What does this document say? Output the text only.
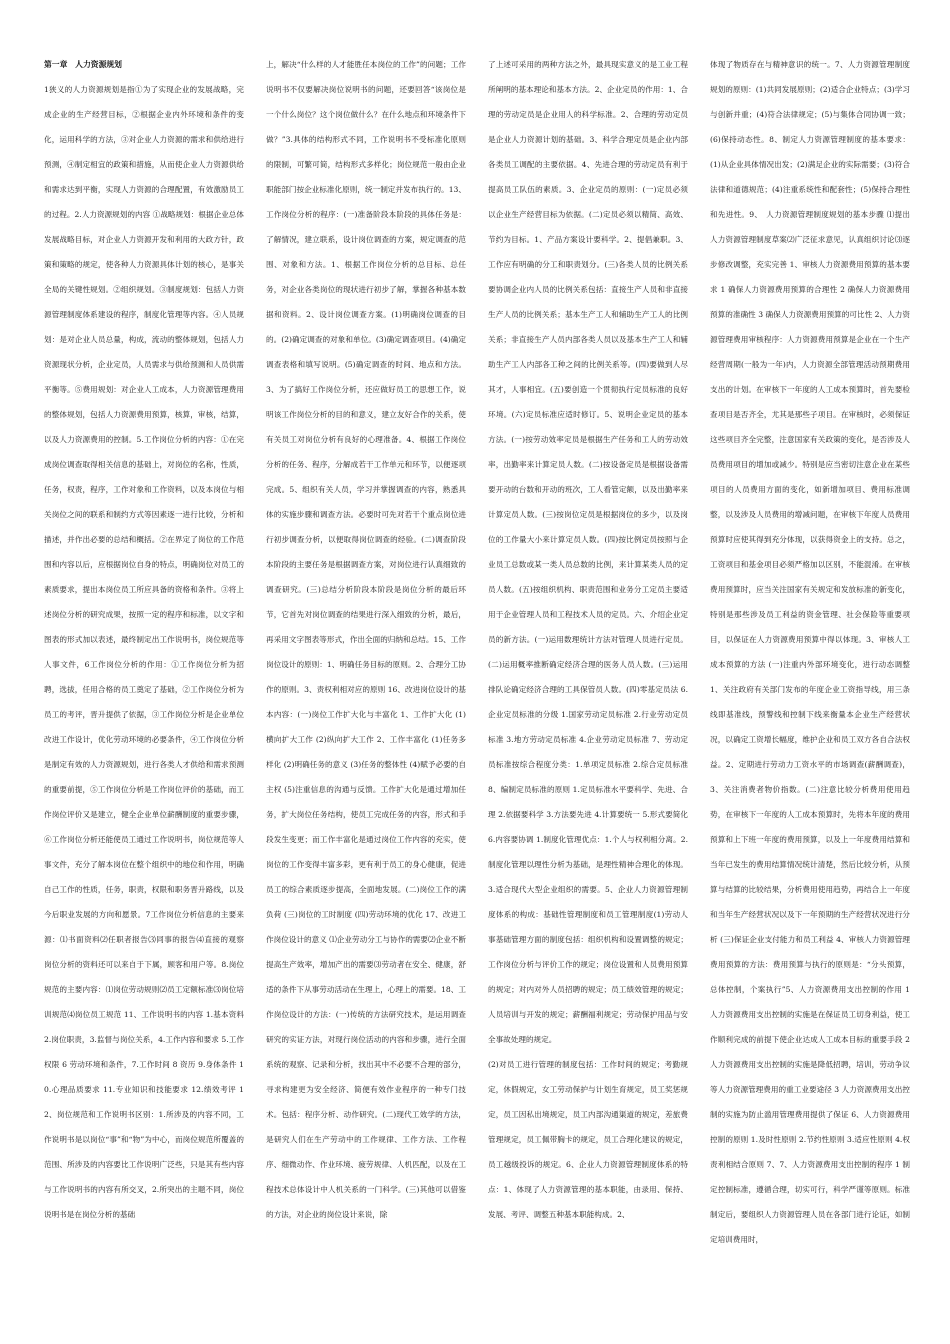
第一章　人力资源规划

1狭义的人力资源规划是指①为了实现企业的发展战略，完成企业的生产经营目标，②根据企业内外环境和条件的变化，运用科学的方法，③对企业人力资源的需求和供给进行预测，④制定相宜的政策和措施，从而使企业人力资源供给和需求达到平衡，实现人力资源的合理配置，有效激励员工的过程。2.人力资源规划的内容 ①战略规划：根据企业总体发展战略目标，对企业人力资源开发和利用的大政方针，政策和策略的规定，使各种人力资源具体计划的核心，是事关全局的关键性规划。②组织规划。③制度规划：包括人力资源管理制度体系建设的程序，制度化管理等内容。④人员规划：是对企业人员总量，构成，流动的整体规划，包括人力资源现状分析，企业定员，人员需求与供给预测和人员供需平衡等。⑤费用规划：对企业人工成本，人力资源管理费用的整体规划，包括人力资源费用预算，核算，审核，结算，以及人力资源费用的控制。5.工作岗位分析的内容：①在完成岗位调查取得相关信息的基础上，对岗位的名称，性质，任务，权责，程序，工作对象和工作资料，以及本岗位与相关岗位之间的联系和制约方式等因素逐一进行比较，分析和描述，并作出必要的总结和概括。②在界定了岗位的工作范围和内容以后，应根据岗位自身的特点，明确岗位对员工的素质要求，提出本岗位员工所应具备的资格和条件。③将上述岗位分析的研究成果，按照一定的程序和标准，以文字和图表的形式加以表述，最终制定出工作说明书，岗位规范等人事文件，6工作岗位分析的作用：①工作岗位分析为招聘，选拔，任用合格的员工奠定了基础，②工作岗位分析为员工的考评，晋升提供了依据，③工作岗位分析是企业单位改进工作设计，优化劳动环境的必要条件，④工作岗位分析是制定有效的人力资源规划，进行各类人才供给和需求预测的重要前提，⑤工作岗位分析是工作岗位评价的基础，而工作岗位评价又是建立，健全企业单位薪酬制度的重要步骤，⑥工作岗位分析还能使员工通过工作说明书，岗位规范等人事文件，充分了解本岗位在整个组织中的地位和作用，明确自己工作的性质，任务，职责，权限和职务晋升路线，以及今后职业发展的方向和愿景。7工作岗位分析信息的主要来源：⑴书面资料⑵任职者报告⑶同事的报告⑷直接的观察　岗位分析的资料还可以来自于下属，顾客和用户等。8.岗位规范的主要内容：⑴岗位劳动规则⑵员工定额标准⑶岗位培训规范⑷岗位员工规范 11、工作说明书的内容 1.基本资料 2.岗位职责，3.监督与岗位关系，4.工作内容和要求 5.工作权限 6 劳动环境和条件，7.工作时间 8 资历 9.身体条件 10.心理品质要求 11.专业知识和技能要求 12.绩效考评 12、岗位规范和工作说明书区别：1.所涉及的内容不同，工作说明书是以岗位“事”和“物”为中心，而岗位规范所覆盖的范围、所涉及的内容要比工作说明广泛些，只是其有些内容与工作说明书的内容有所交叉，2.所突出的主题不同，岗位说明书是在岗位分析的基础

上，解决“什么样的人才能胜任本岗位的工作”的问题；工作说明书不仅要解决岗位说明书的问题，还要回答“该岗位是一个什么岗位？这个岗位做什么？在什么地点和环境条件下做？”3.具体的结构形式不同，工作说明书不受标准化原则的限制，可繁可简，结构形式多样化；岗位规范一般由企业职能部门按企业标准化原则，统一制定并发布执行的。13、工作岗位分析的程序：(一)准备阶段本阶段的具体任务是：了解情况，建立联系，设计岗位调查的方案，规定调查的范围、对象和方法。1、根据工作岗位分析的总目标、总任务，对企业各类岗位的现状进行初步了解，掌握各种基本数据和资料。2、设计岗位调查方案。(1)明确岗位调查的目的。(2)确定调查的对象和单位。(3)确定调查项目。(4)确定调查表格和填写说明。(5)确定调查的时间、地点和方法。3、为了搞好工作岗位分析，还应做好员工的思想工作，说明该工作岗位分析的目的和意义，建立友好合作的关系，使有关员工对岗位分析有良好的心理准备。4、根据工作岗位分析的任务、程序，分解成若干工作单元和环节，以便逐项完成。5、组织有关人员，学习并掌握调查的内容，熟悉具体的实施步骤和调查方法。必要时可先对若干个重点岗位进行初步调查分析，以便取得岗位调查的经验。(二)调查阶段本阶段的主要任务是根据调查方案，对岗位进行认真细致的调查研究。(三)总结分析阶段本阶段是岗位分析的最后环节，它首先对岗位调查的结果进行深入细致的分析，最后，再采用文字图表等形式，作出全面的归纳和总结。15、工作岗位设计的原则：1、明确任务目标的原则。2、合理分工协作的原则。3、责权利相对应的原则 16、改进岗位设计的基本内容：(一)岗位工作扩大化与丰富化 1、工作扩大化 (1)横向扩大工作 (2)纵向扩大工作 2、工作丰富化 (1)任务多样化 (2)明确任务的意义 (3)任务的整体性 (4)赋予必要的自主权 (5)注重信息的沟通与反馈。工作扩大化是通过增加任务，扩大岗位任务结构，使员工完成任务的内容，形式和手段发生变更；而工作丰富化是通过岗位工作内容的充实，使岗位的工作变得丰富多彩，更有利于员工的身心健康，促进员工的综合素质逐步提高，全面地发展。(二)岗位工作的满负荷 (三)岗位的工时制度 (四)劳动环境的优化 17、改进工作岗位设计的意义 ⑴企业劳动分工与协作的需要⑵企业不断提高生产效率，增加产出的需要⑶劳动者在安全、健康，舒适的条件下从事劳动活动在生理上，心理上的需要。18、工作岗位设计的方法：(一)传统的方法研究技术，是运用调查研究的实证方法，对现行岗位活动的内容和步骤，进行全面系统的观察、记录和分析，找出其中不必要不合理的部分，寻求构建更为安全经济、简便有效作业程序的一种专门技术。包括：程序分析、动作研究。(二)现代工效学的方法，是研究人们在生产劳动中的工作规律、工作方法、工作程序、细微动作、作业环境、疲劳规律、人机匹配，以及在工程技术总体设计中人机关系的一门科学。(三)其他可以借鉴的方法，对企业的岗位设计来说，除

了上述可采用的两种方法之外，最具现实意义的是工业工程所阐明的基本理论和基本方法。2、企业定员的作用：1、合理的劳动定员是企业用人的科学标准。2、合理的劳动定员是企业人力资源计划的基础。3、科学合理定员是企业内部各类员工调配的主要依据。4、先进合理的劳动定员有利于提高员工队伍的素质。3、企业定员的原则：(一)定员必须以企业生产经营目标为依据。(二)定员必须以精简、高效、节约为目标。1、产品方案设计要科学。2、提倡兼职。3、工作应有明确的分工和职责划分。(三)各类人员的比例关系要协调企业内人员的比例关系包括：直接生产人员和非直接生产人员的比例关系；基本生产工人和辅助生产工人的比例关系；非直接生产人员内部各类人员以及基本生产工人和辅助生产工人内部各工种之间的比例关系等。(四)要做到人尽其才，人事相宜。(五)要创造一个贯彻执行定员标准的良好环境。(六)定员标准应适时修订。5、说明企业定员的基本方法。(一)按劳动效率定员是根据生产任务和工人的劳动效率，出勤率来计算定员人数。(二)按设备定员是根据设备需要开动的台数和开动的班次，工人看管定额，以及出勤率来计算定员人数。(三)按岗位定员是根据岗位的多少，以及岗位的工作量大小来计算定员人数。(四)按比例定员按照与企业员工总数或某一类人员总数的比例，来计算某类人员的定员人数。(五)按组织机构、职责范围和业务分工定员主要适用于企业管理人员和工程技术人员的定员。六、介绍企业定员的新方法。(一)运用数理统计方法对管理人员进行定员。(二)运用概率推断确定经济合理的医务人员人数。(三)运用排队论确定经济合理的工具保管员人数。(四)零基定员法 6.企业定员标准的分级 1.国家劳动定员标准 2.行业劳动定员标准 3.地方劳动定员标准 4.企业劳动定员标准 7、劳动定员标准按综合程度分类：1.单项定员标准 2.综合定员标准 8、编制定员标准的原则 1.定员标准水平要科学、先进、合理 2.依据要科学 3.方法要先进 4.计算要统一 5.形式要简化 6.内容要协调 1.制度化管理优点：1.个人与权利相分离。2.制度化管理以理性分析为基础，是理性精神合理化的体现。3.适合现代大型企业组织的需要。5、企业人力资源管理制度体系的构成：基础性管理制度和员工管理制度(1)劳动人事基础管理方面的制度包括：组织机构和设置调整的规定；工作岗位分析与评价工作的规定；岗位设置和人员费用预算的规定；对内对外人员招聘的规定；员工绩效管理的规定；人员培训与开发的规定；薪酬福利规定；劳动保护用品与安全事故处理的规定。

(2)对员工进行管理的制度包括：工作时间的规定；考勤规定，休假规定，女工劳动保护与计划生育规定，员工奖惩规定，员工因私出境规定，员工内部沟通渠道的规定，差旅费管理规定，员工佩带胸卡的规定，员工合理化建议的规定，员工越级投诉的规定。6、企业人力资源管理制度体系的特点：1、体现了人力资源管理的基本职能，由录用、保持、发展、考评、调整五种基本职能构成。2、

体现了物质存在与精神意识的统一。7、人力资源管理制度规划的原则：(1)共同发展原则；(2)适合企业特点；(3)学习与创新并重；(4)符合法律规定；(5)与集体合同协调一致；(6)保持动态性。8、制定人力资源管理制度的基本要求：(1)从企业具体情况出发；(2)满足企业的实际需要；(3)符合法律和道德规范；(4)注重系统性和配套性；(5)保持合理性和先进性。9、　人力资源管理制度规划的基本步骤 ⑴提出人力资源管理制度草案⑵广泛征求意见，认真组织讨论⑶逐步修改调整，充实完善 1、审核人力资源费用预算的基本要求 1 确保人力资源费用预算的合理性 2 确保人力资源费用预算的准确性 3 确保人力资源费用预算的可比性 2、人力资源管理费用审核程序：人力资源费用预算是企业在一个生产经营周期(一般为一年)内，人力资源全部管理活动预期费用支出的计划。在审核下一年度的人工成本预算时，首先要检查项目是否齐全，尤其是那些子项目。在审核时，必须保证这些项目齐全完整，注意国家有关政策的变化，是否涉及人员费用项目的增加或减少。特别是应当密切注意企业在某些项目的人员费用方面的变化，如新增加项目、费用标准调整，以及涉及人员费用的增减问题，在审核下年度人员费用预算时应使其得到充分体现，以获得资金上的支持。总之，工资项目和基金项目必须严格加以区别，不能混淆。在审核费用预算时，应当关注国家有关规定和发放标准的新变化，特别是那些涉及员工利益的资金管理、社会保险等重要项目，以保证在人力资源费用预算中得以体现。3、审核人工成本预算的方法 (一)注重内外部环境变化，进行动态调整 1、关注政府有关部门发布的年度企业工资指导线，用三条线即基准线，预警线和控制下线来衡量本企业生产经营状况，以确定工资增长幅度，维护企业和员工双方各自合法权益。2、定期进行劳动力工资水平的市场调查(薪酬调查)，3、关注消费者物价指数。(二)注意比较分析费用使用趋势，在审核下一年度的人工成本预算时，先将本年度的费用预算和上下班一年度的费用预算，以及上一年度费用结算和当年已发生的费用结算情况统计清楚，然后比较分析，从预算与结算的比较结果，分析费用使用趋势，再结合上一年度和当年生产经营状况以及下一年预期的生产经营状况进行分析 (三)保证企业支付能力和员工利益 4、审核人力资源管理费用预算的方法：费用预算与执行的原则是：“分头预算，总体控制，个案执行”5、人力资源费用支出控制的作用 1 人力资源费用支出控制的实施是在保证员工切身利益，使工作顺利完成的前提下使企业达成人工成本目标的重要手段 2 人力资源费用支出控制的实施是降低招聘，培训，劳动争议等人力资源管理费用的重工业要途径 3 人力资源费用支出控制的实施为防止滥用管理费用提供了保证 6、人力资源费用控制的原则 1.及时性原则 2.节约性原则 3.适应性原则 4.权责利相结合原则 7、7、人力资源费用支出控制的程序 1 制定控制标准，遵循合理，切实可行，科学严谨等原则。标准制定后，要组织人力资源管理人员在各部门进行论证，如制定培训费用时，
